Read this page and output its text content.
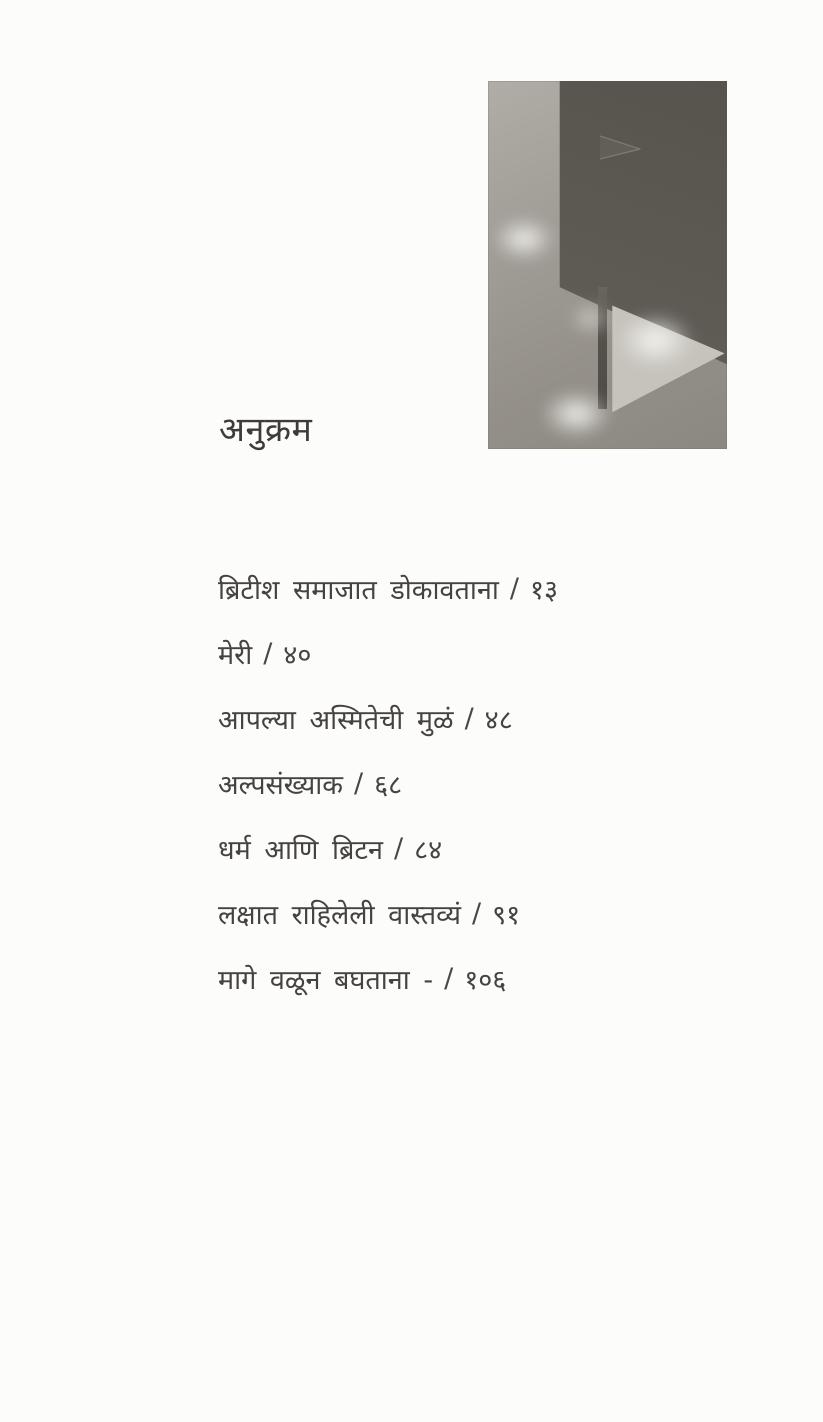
अनुक्रम
ब्रिटीश समाजात डोकावताना / १३
मेरी / ४०
आपल्या अस्मितेची मुळं / ४८
अल्पसंख्याक / ६८
धर्म आणि ब्रिटन / ८४
लक्षात राहिलेली वास्तव्यं / ९१
मागे वळून बघताना - / १०६
